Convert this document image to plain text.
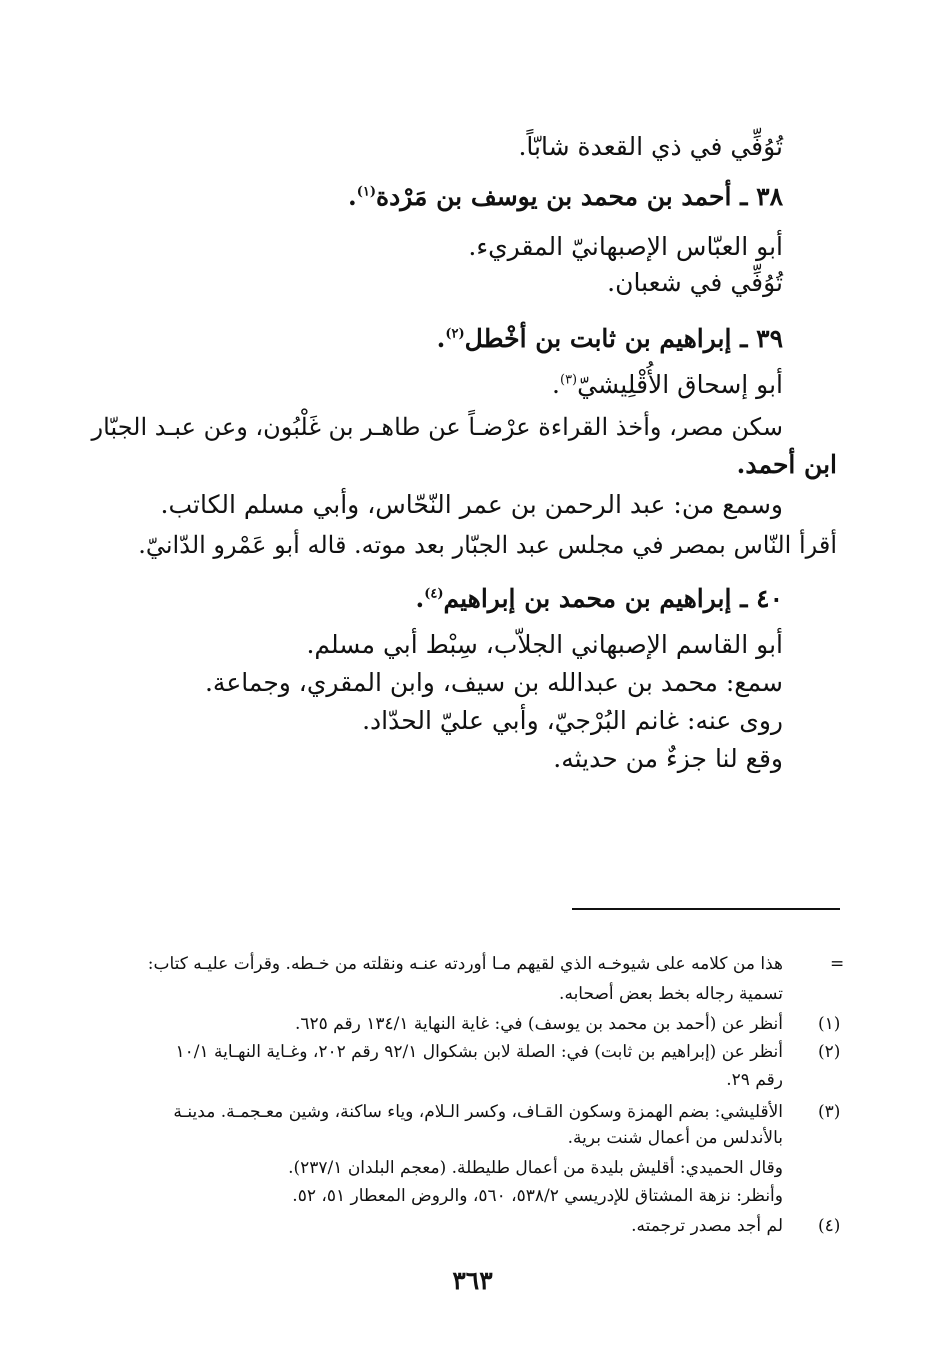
تُوُفِّي في ذي القعدة شابّاً.

٣٨ ـ أحمد بن محمد بن يوسف بن مَرْدة$^{(١)}$.

أبو العبّاس الإصبهانيّ المقريء.

تُوُفِّي في شعبان.

٣٩ ـ إبراهيم بن ثابت بن أخْطل$^{(٢)}$.

أبو إسحاق الأُقْلِيشيّ$^{(٣)}$.

سكن مصر، وأخذ القراءة عرْضـاً عن طاهـر بن غَلْبُون، وعن عبـد الجبّار

ابن أحمد.

وسمع من: عبد الرحمن بن عمر النّحّاس، وأبي مسلم الكاتب.

أقرأ النّاس بمصر في مجلس عبد الجبّار بعد موته. قاله أبو عَمْرو الدّانيّ.

٤٠ ـ إبراهيم بن محمد بن إبراهيم$^{(٤)}$.

أبو القاسم الإصبهاني الجلاّب، سِبْط أبي مسلم.

سمع: محمد بن عبدالله بن سيف، وابن المقري، وجماعة.

روى عنه: غانم البُرْجيّ، وأبي عليّ الحدّاد.

وقع لنا جزءٌ من حديثه.

=

هذا من كلامه على شيوخـه الذي لقيهم مـا أوردته عنـه ونقلته من خـطه. وقرأت عليـه كتاب:

تسمية رجاله بخط بعض أصحابه.

(١)

أنظر عن (أحمد بن محمد بن يوسف) في: غاية النهاية ١٣٤/١ رقم ٦٢٥.

(٢)

أنظر عن (إبراهيم بن ثابت) في: الصلة لابن بشكوال ٩٢/١ رقم ٢٠٢، وغـاية النهـاية ١٠/١

رقم ٢٩.

(٣)

الأقليشي: بضم الهمزة وسكون القـاف، وكسر الـلام، وياء ساكنة، وشين معـجمـة. مدينـة

بالأندلس من أعمال شنت برية.

وقال الحميدي: أقليش بليدة من أعمال طليطلة. (معجم البلدان ٢٣٧/١).

وأنظر: نزهة المشتاق للإدريسي ٥٣٨/٢، ٥٦٠، والروض المعطار ٥١، ٥٢.

(٤)

لم أجد مصدر ترجمته.

٣٦٣
